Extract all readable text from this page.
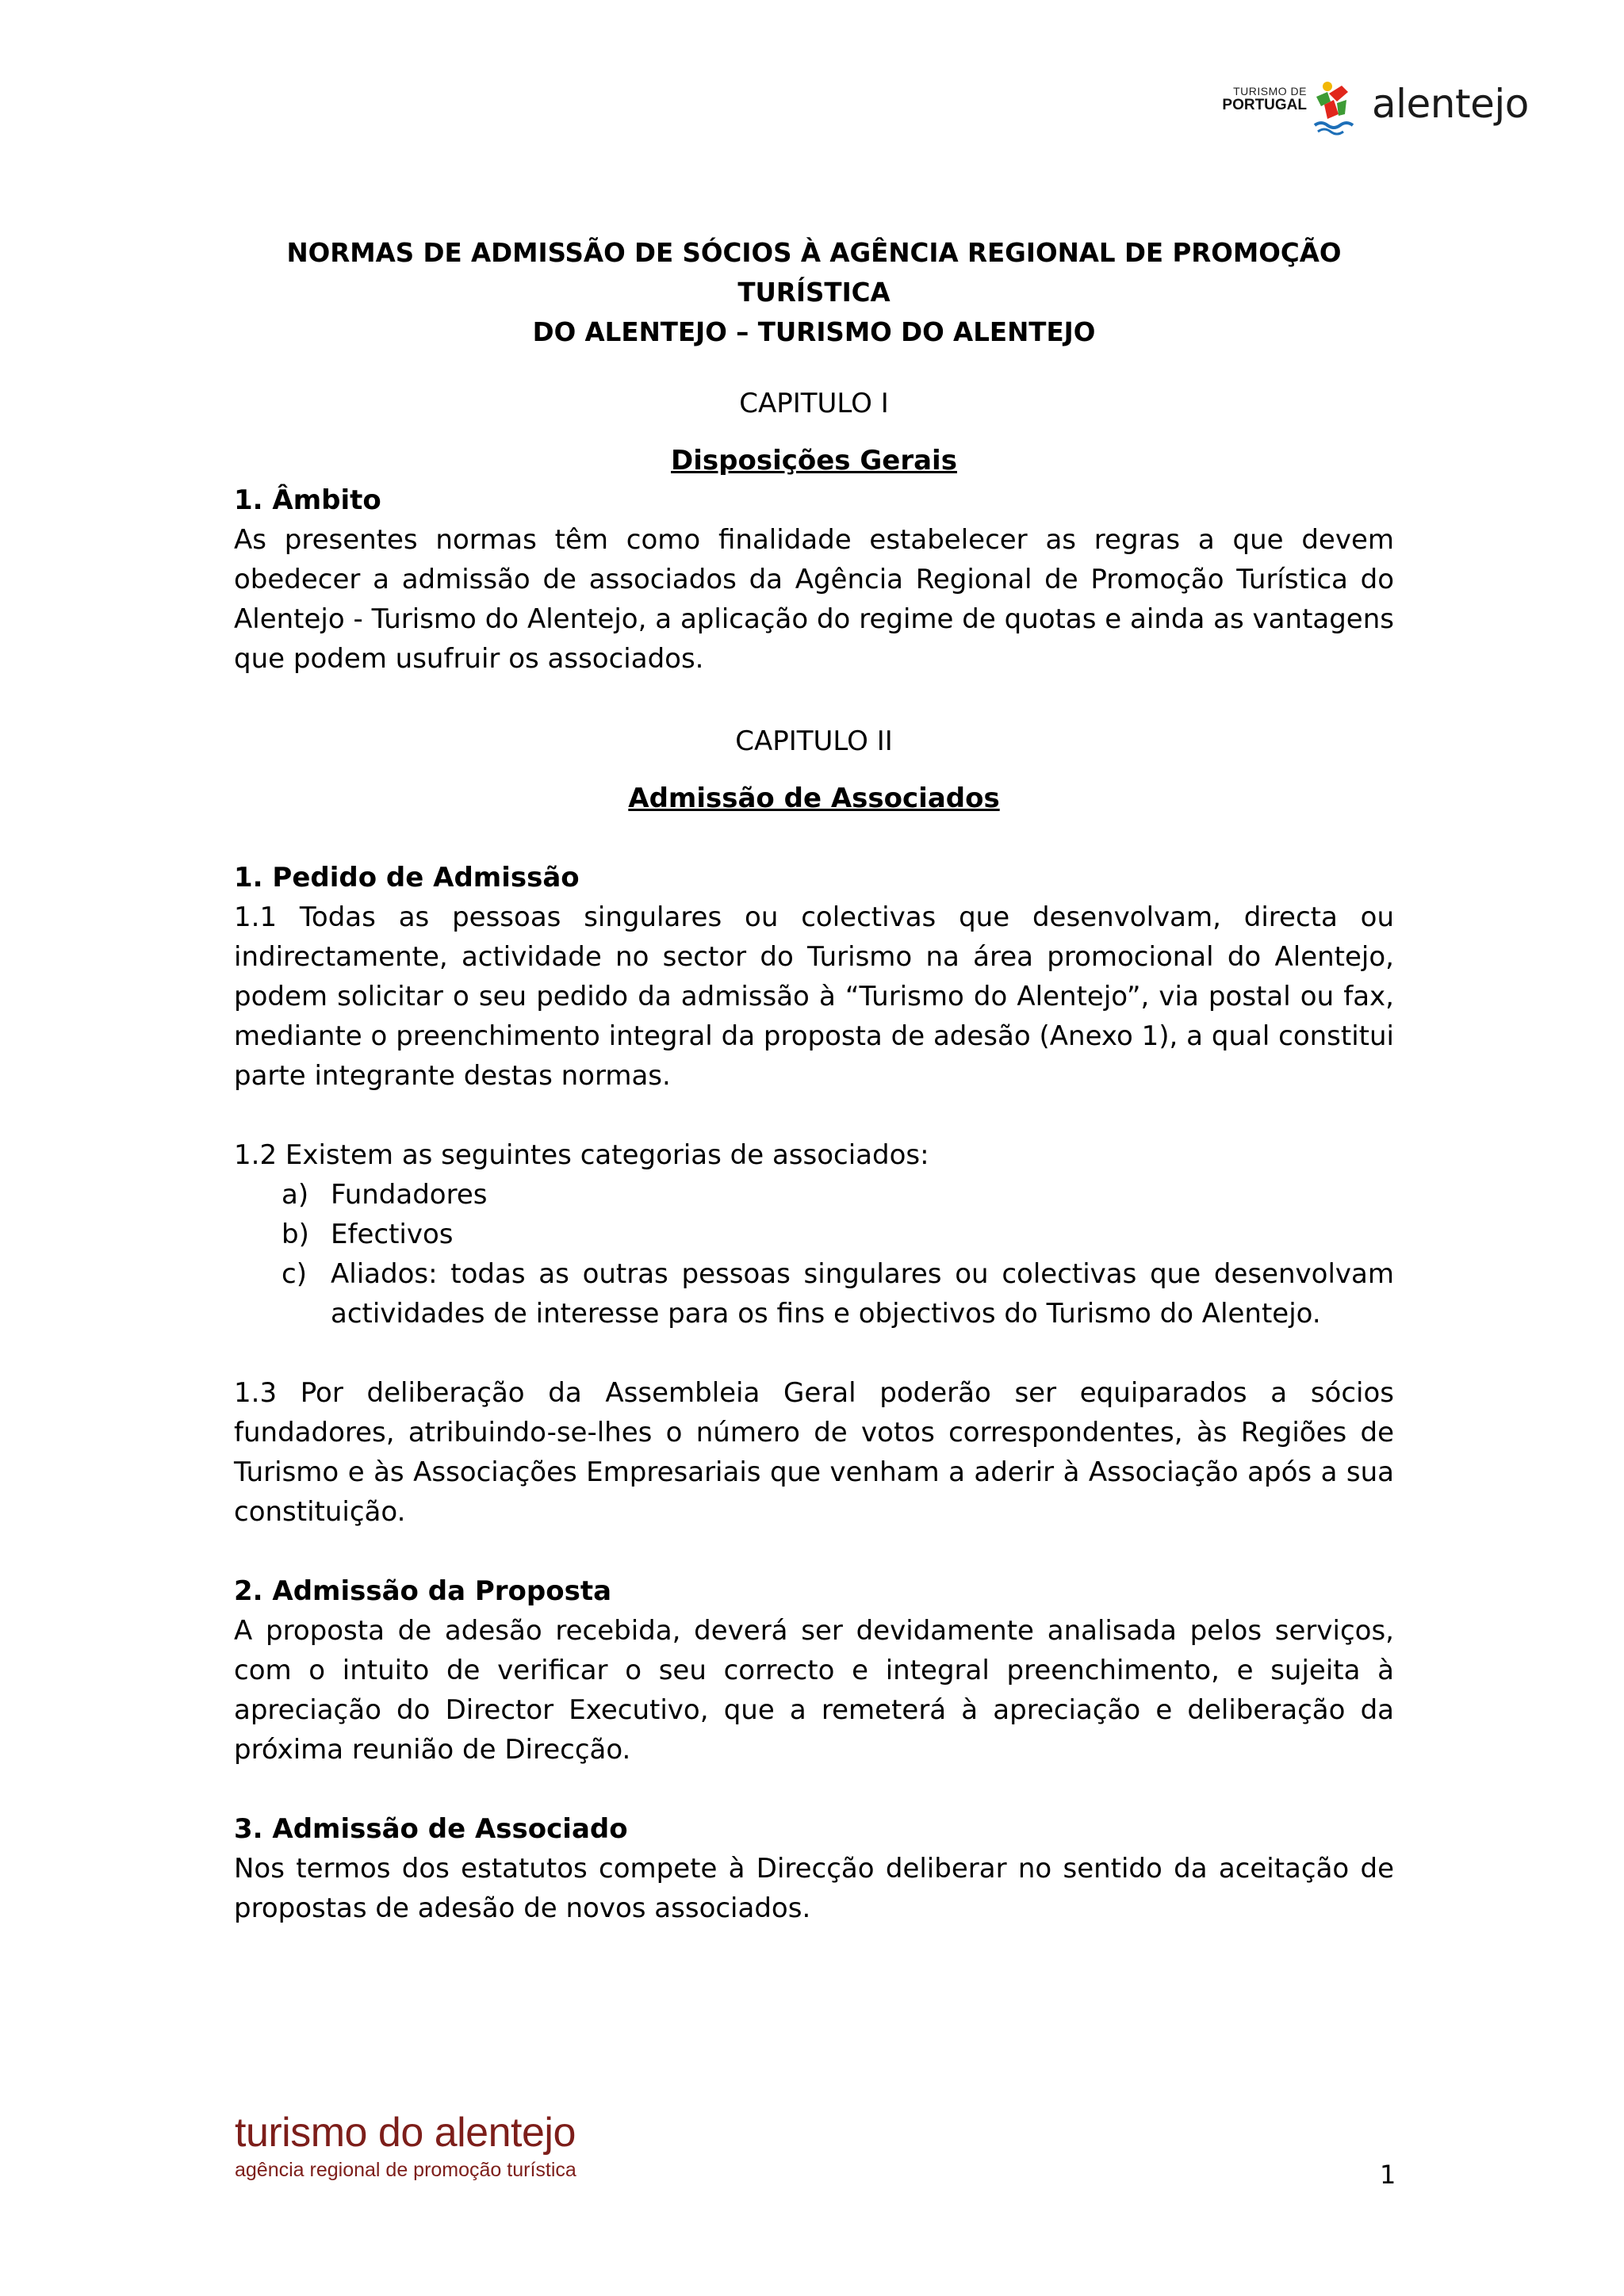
TURISMO DE
PORTUGAL alentejo
NORMAS DE ADMISSÃO DE SÓCIOS À AGÊNCIA REGIONAL DE PROMOÇÃO TURÍSTICA
DO ALENTEJO – TURISMO DO ALENTEJO
CAPITULO I
Disposições Gerais
1. Âmbito

As presentes normas têm como finalidade estabelecer as regras a que devem obedecer a admissão de associados da Agência Regional de Promoção Turística do Alentejo - Turismo do Alentejo, a aplicação do regime de quotas e ainda as vantagens que podem usufruir os associados.

CAPITULO II
Admissão de Associados
1. Pedido de Admissão

1.1 Todas as pessoas singulares ou colectivas que desenvolvam, directa ou indirectamente, actividade no sector do Turismo na área promocional do Alentejo, podem solicitar o seu pedido da admissão à “Turismo do Alentejo”, via postal ou fax, mediante o preenchimento integral da proposta de adesão (Anexo 1), a qual constitui parte integrante destas normas.

1.2 Existem as seguintes categorias de associados:

a) Fundadores
b) Efectivos
c) Aliados: todas as outras pessoas singulares ou colectivas que desenvolvam actividades de interesse para os fins e objectivos do Turismo do Alentejo.

1.3 Por deliberação da Assembleia Geral poderão ser equiparados a sócios fundadores, atribuindo-se-lhes o número de votos correspondentes, às Regiões de Turismo e às Associações Empresariais que venham a aderir à Associação após a sua constituição.

2. Admissão da Proposta

A proposta de adesão recebida, deverá ser devidamente analisada pelos serviços, com o intuito de verificar o seu correcto e integral preenchimento, e sujeita à apreciação do Director Executivo, que a remeterá à apreciação e deliberação da próxima reunião de Direcção.

3. Admissão de Associado

Nos termos dos estatutos compete à Direcção deliberar no sentido da aceitação de propostas de adesão de novos associados.

turismo do alentejo
agência regional de promoção turística	1
